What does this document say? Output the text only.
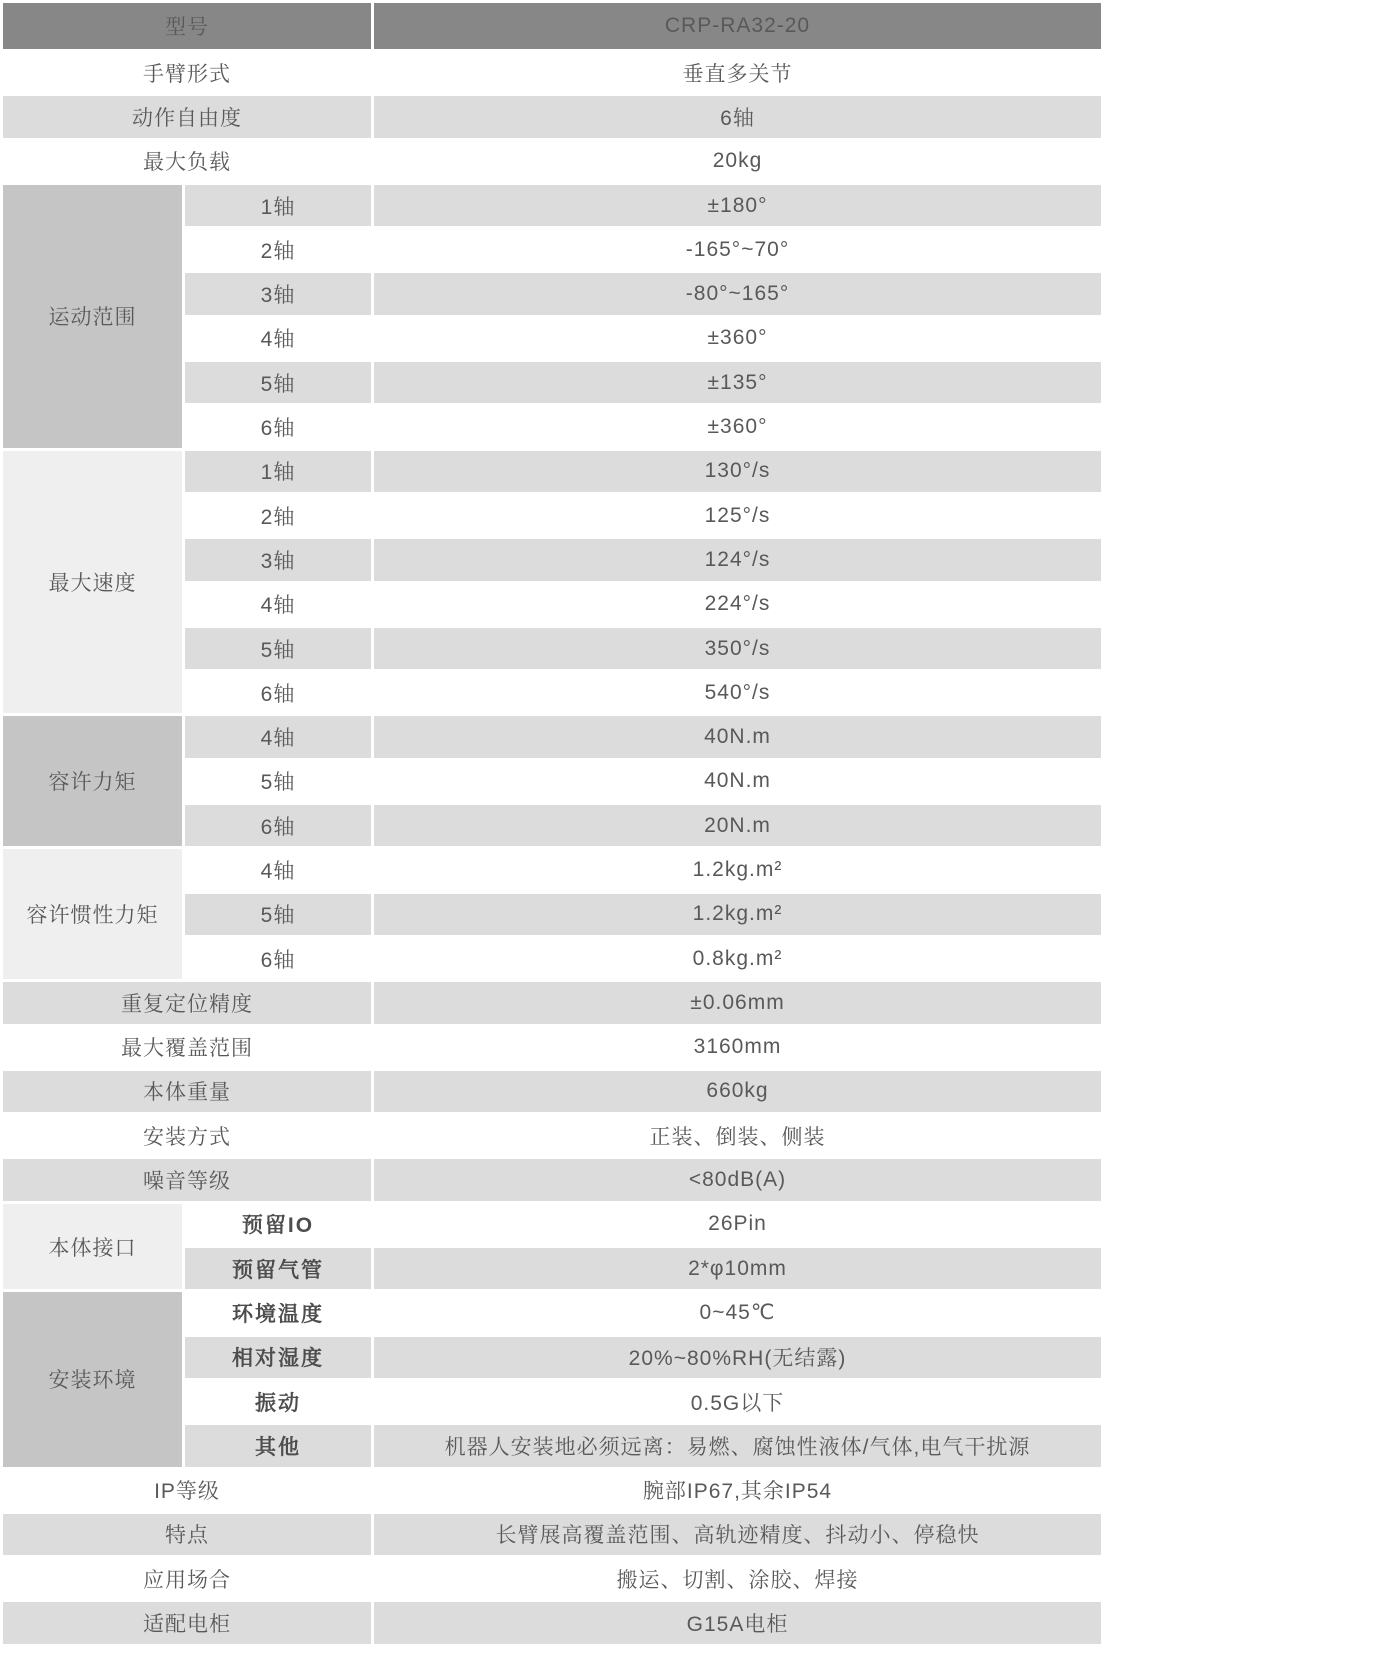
型号		CRP-RA32-20
手臂形式		垂直多关节
动作自由度		6轴
最大负载		20kg
运动范围	1轴	±180°
	2轴	-165°~70°
	3轴	-80°~165°
	4轴	±360°
	5轴	±135°
	6轴	±360°
最大速度	1轴	130°/s
	2轴	125°/s
	3轴	124°/s
	4轴	224°/s
	5轴	350°/s
	6轴	540°/s
容许力矩	4轴	40N.m
	5轴	40N.m
	6轴	20N.m
容许惯性力矩	4轴	1.2kg.m²
	5轴	1.2kg.m²
	6轴	0.8kg.m²
重复定位精度		±0.06mm
最大覆盖范围		3160mm
本体重量		660kg
安装方式		正装、倒装、侧装
噪音等级		<80dB(A)
本体接口	预留IO	26Pin
	预留气管	2*φ10mm
安装环境	环境温度	0~45℃
	相对湿度	20%~80%RH(无结露)
	振动	0.5G以下
	其他	机器人安装地必须远离：易燃、腐蚀性液体/气体,电气干扰源
IP等级		腕部IP67,其余IP54
特点		长臂展高覆盖范围、高轨迹精度、抖动小、停稳快
应用场合		搬运、切割、涂胶、焊接
适配电柜		G15A电柜
